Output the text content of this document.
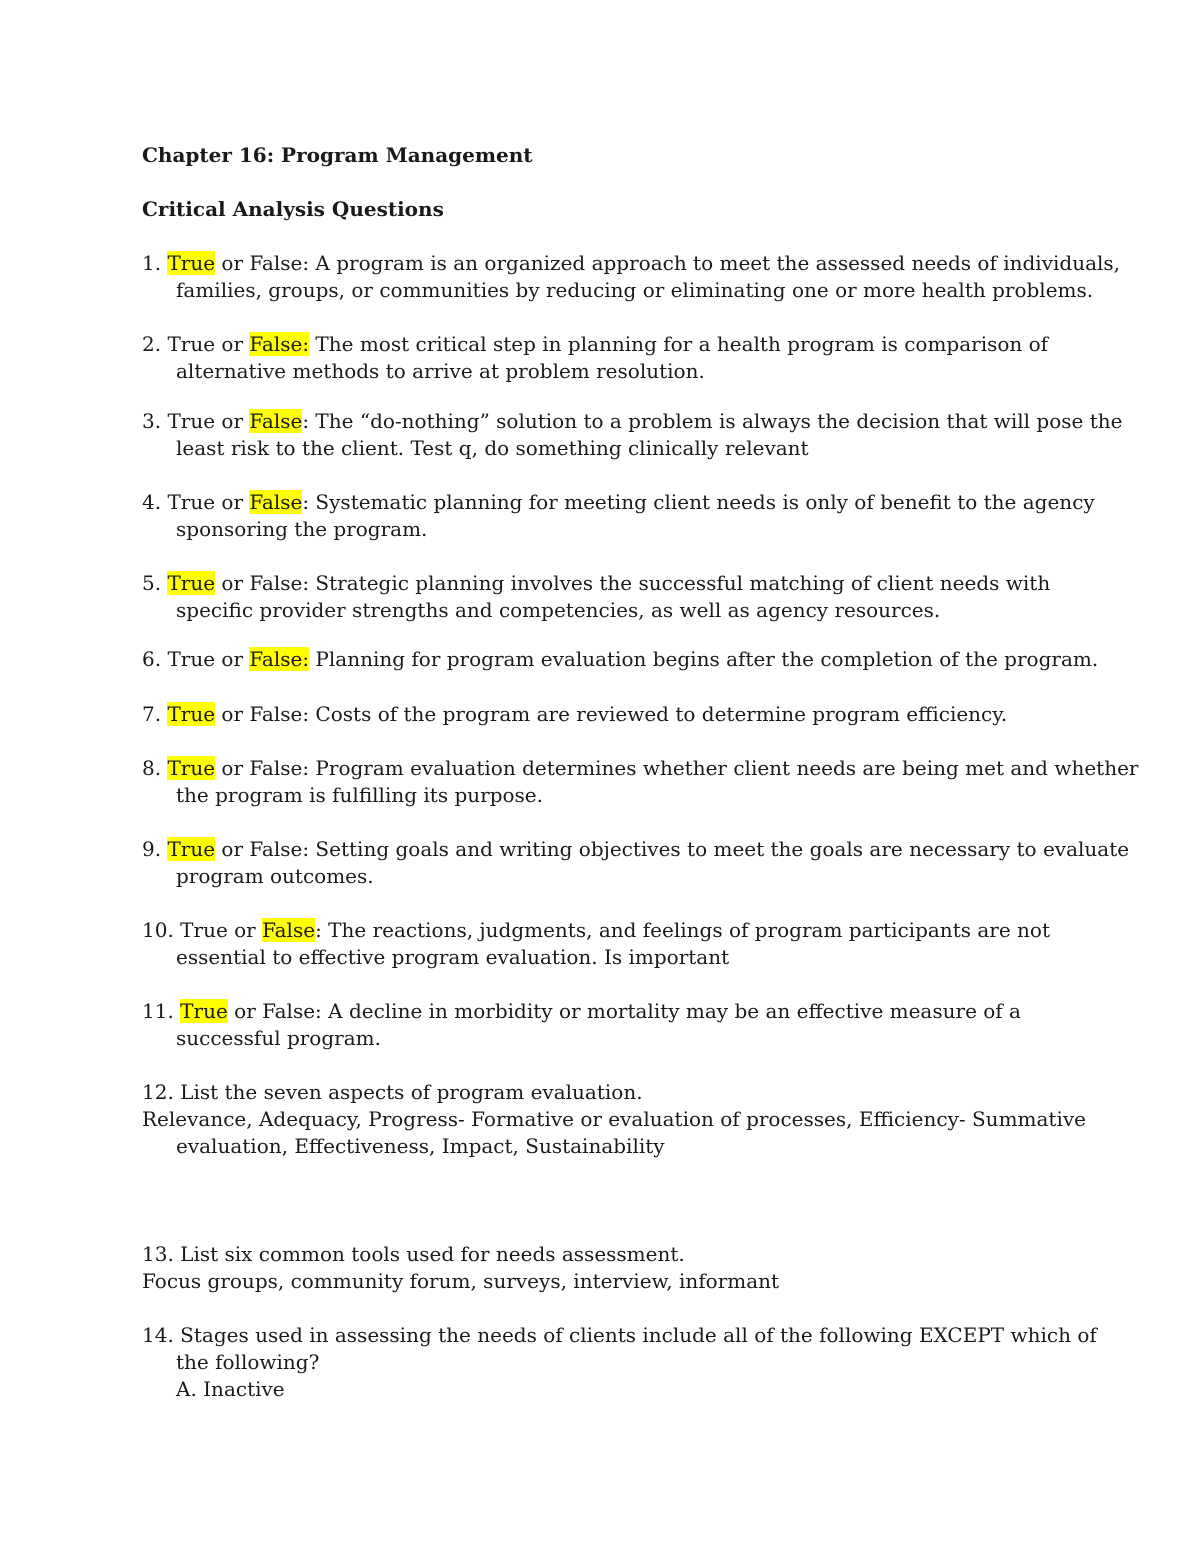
Chapter 16: Program Management
Critical Analysis Questions
1. True or False: A program is an organized approach to meet the assessed needs of individuals,
families, groups, or communities by reducing or eliminating one or more health problems.
2. True or False: The most critical step in planning for a health program is comparison of
alternative methods to arrive at problem resolution.
3. True or False: The “do-nothing” solution to a problem is always the decision that will pose the
least risk to the client. Test q, do something clinically relevant
4. True or False: Systematic planning for meeting client needs is only of benefit to the agency
sponsoring the program.
5. True or False: Strategic planning involves the successful matching of client needs with
specific provider strengths and competencies, as well as agency resources.
6. True or False: Planning for program evaluation begins after the completion of the program.
7. True or False: Costs of the program are reviewed to determine program efficiency.
8. True or False: Program evaluation determines whether client needs are being met and whether
the program is fulfilling its purpose.
9. True or False: Setting goals and writing objectives to meet the goals are necessary to evaluate
program outcomes.
10. True or False: The reactions, judgments, and feelings of program participants are not
essential to effective program evaluation. Is important
11. True or False: A decline in morbidity or mortality may be an effective measure of a
successful program.
12. List the seven aspects of program evaluation.
Relevance, Adequacy, Progress- Formative or evaluation of processes, Efficiency- Summative
evaluation, Effectiveness, Impact, Sustainability
13. List six common tools used for needs assessment.
Focus groups, community forum, surveys, interview, informant
14. Stages used in assessing the needs of clients include all of the following EXCEPT which of
the following?
A. Inactive
